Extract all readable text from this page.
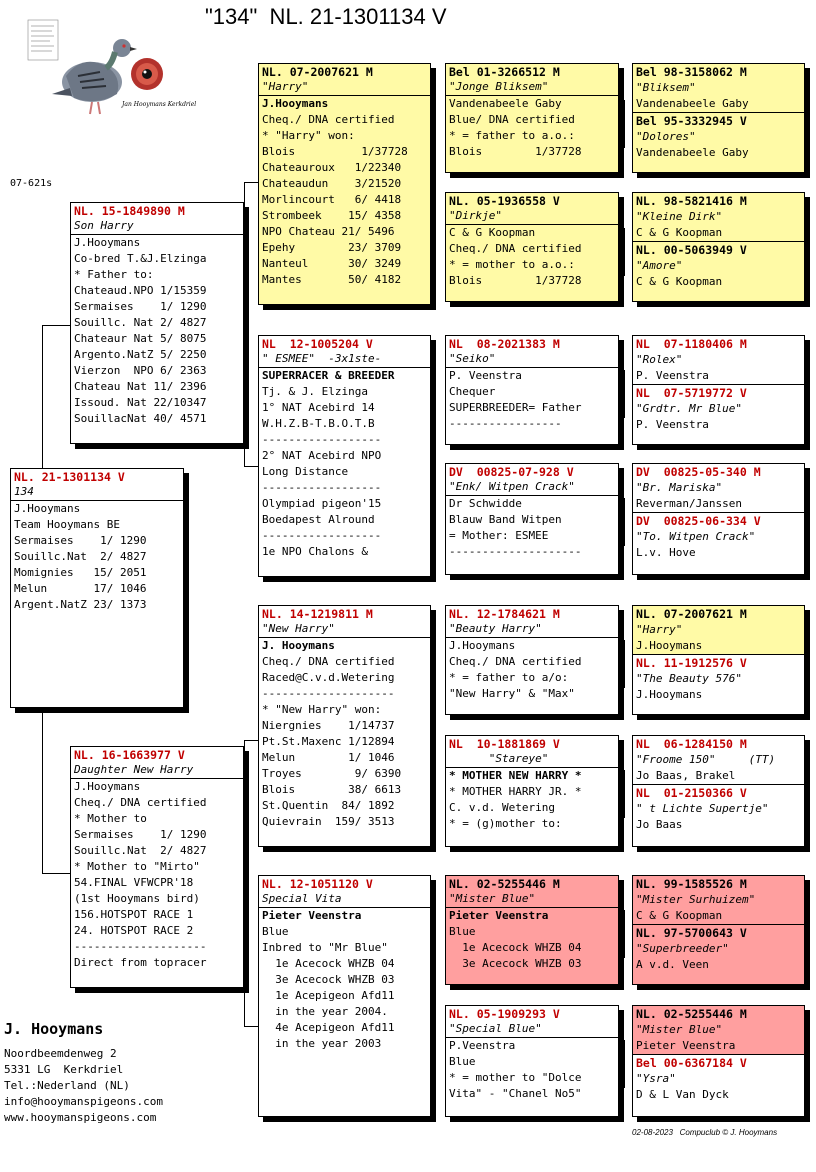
"134"  NL. 21-1301134 V
Jan Hooymans Kerkdriel
07-621s
NL. 21-1301134 V
134
J.Hooymans
Team Hooymans BE
Sermaises    1/ 1290
Souillc.Nat  2/ 4827
Momignies   15/ 2051
Melun       17/ 1046
Argent.NatZ 23/ 1373
NL. 15-1849890 M
Son Harry
J.Hooymans
Co-bred T.&J.Elzinga
* Father to:
Chateaud.NPO 1/15359
Sermaises    1/ 1290
Souillc. Nat 2/ 4827
Chateaur Nat 5/ 8075
Argento.NatZ 5/ 2250
Vierzon  NPO 6/ 2363
Chateau Nat 11/ 2396
Issoud. Nat 22/10347
SouillacNat 40/ 4571
NL. 16-1663977 V
Daughter New Harry
J.Hooymans
Cheq./ DNA certified
* Mother to
Sermaises    1/ 1290
Souillc.Nat  2/ 4827
* Mother to "Mirto"
54.FINAL VFWCPR'18
(1st Hooymans bird)
156.HOTSPOT RACE 1
24. HOTSPOT RACE 2
--------------------
Direct from topracer
NL. 07-2007621 M
"Harry"
J.Hooymans
Cheq./ DNA certified
* "Harry" won:
Blois          1/37728
Chateauroux   1/22340
Chateaudun    3/21520
Morlincourt   6/ 4418
Strombeek    15/ 4358
NPO Chateau 21/ 5496
Epehy        23/ 3709
Nanteul      30/ 3249
Mantes       50/ 4182
NL  12-1005204 V
" ESMEE"  -3x1ste-
SUPERRACER & BREEDER
Tj. & J. Elzinga
1° NAT Acebird 14
W.H.Z.B-T.B.O.T.B
------------------
2° NAT Acebird NPO
Long Distance
------------------
Olympiad pigeon'15
Boedapest Alround
------------------
1e NPO Chalons &
NL. 14-1219811 M
"New Harry"
J. Hooymans
Cheq./ DNA certified
Raced@C.v.d.Wetering
--------------------
* "New Harry" won:
Niergnies    1/14737
Pt.St.Maxenc 1/12894
Melun        1/ 1046
Troyes        9/ 6390
Blois        38/ 6613
St.Quentin  84/ 1892
Quievrain  159/ 3513
NL. 12-1051120 V
Special Vita
Pieter Veenstra
Blue
Inbred to "Mr Blue"
1e Acecock WHZB 04
3e Acecock WHZB 03
1e Acepigeon Afd11
in the year 2004.
4e Acepigeon Afd11
in the year 2003
Bel 01-3266512 M
"Jonge Bliksem"
Vandenabeele Gaby
Blue/ DNA certified
* = father to a.o.:
Blois        1/37728
NL. 05-1936558 V
"Dirkje"
C & G Koopman
Cheq./ DNA certified
* = mother to a.o.:
Blois        1/37728
NL  08-2021383 M
"Seiko"
P. Veenstra
Chequer
SUPERBREEDER= Father
-----------------
DV  00825-07-928 V
"Enk/ Witpen Crack"
Dr Schwidde
Blauw Band Witpen
= Mother: ESMEE
--------------------
NL. 12-1784621 M
"Beauty Harry"
J.Hooymans
Cheq./ DNA certified
* = father to a/o:
"New Harry" & "Max"
NL  10-1881869 V
"Stareye"
* MOTHER NEW HARRY *
* MOTHER HARRY JR. *
C. v.d. Wetering
* = (g)mother to:
NL. 02-5255446 M
"Mister Blue"
Pieter Veenstra
Blue
1e Acecock WHZB 04
3e Acecock WHZB 03
NL. 05-1909293 V
"Special Blue"
P.Veenstra
Blue
* = mother to "Dolce
Vita" - "Chanel No5"
Bel 98-3158062 M
"Bliksem"
Vandenabeele Gaby
Bel 95-3332945 V
"Dolores"
Vandenabeele Gaby
NL. 98-5821416 M
"Kleine Dirk"
C & G Koopman
NL. 00-5063949 V
"Amore"
C & G Koopman
NL  07-1180406 M
"Rolex"
P. Veenstra
NL  07-5719772 V
"Grdtr. Mr Blue"
P. Veenstra
DV  00825-05-340 M
"Br. Mariska"
Reverman/Janssen
DV  00825-06-334 V
"To. Witpen Crack"
L.v. Hove
NL. 07-2007621 M
"Harry"
J.Hooymans
NL. 11-1912576 V
"The Beauty 576"
J.Hooymans
NL  06-1284150 M
"Froome 150"     (TT)
Jo Baas, Brakel
NL  01-2150366 V
" t Lichte Supertje"
Jo Baas
NL. 99-1585526 M
"Mister Surhuizem"
C & G Koopman
NL. 97-5700643 V
"Superbreeder"
A v.d. Veen
NL. 02-5255446 M
"Mister Blue"
Pieter Veenstra
Bel 00-6367184 V
"Ysra"
D & L Van Dyck
J. Hooymans
Noordbeemdenweg 2
5331 LG  Kerkdriel
Tel.:Nederland (NL)
info@hooymanspigeons.com
www.hooymanspigeons.com
02-08-2023 Compuclub © J. Hooymans
